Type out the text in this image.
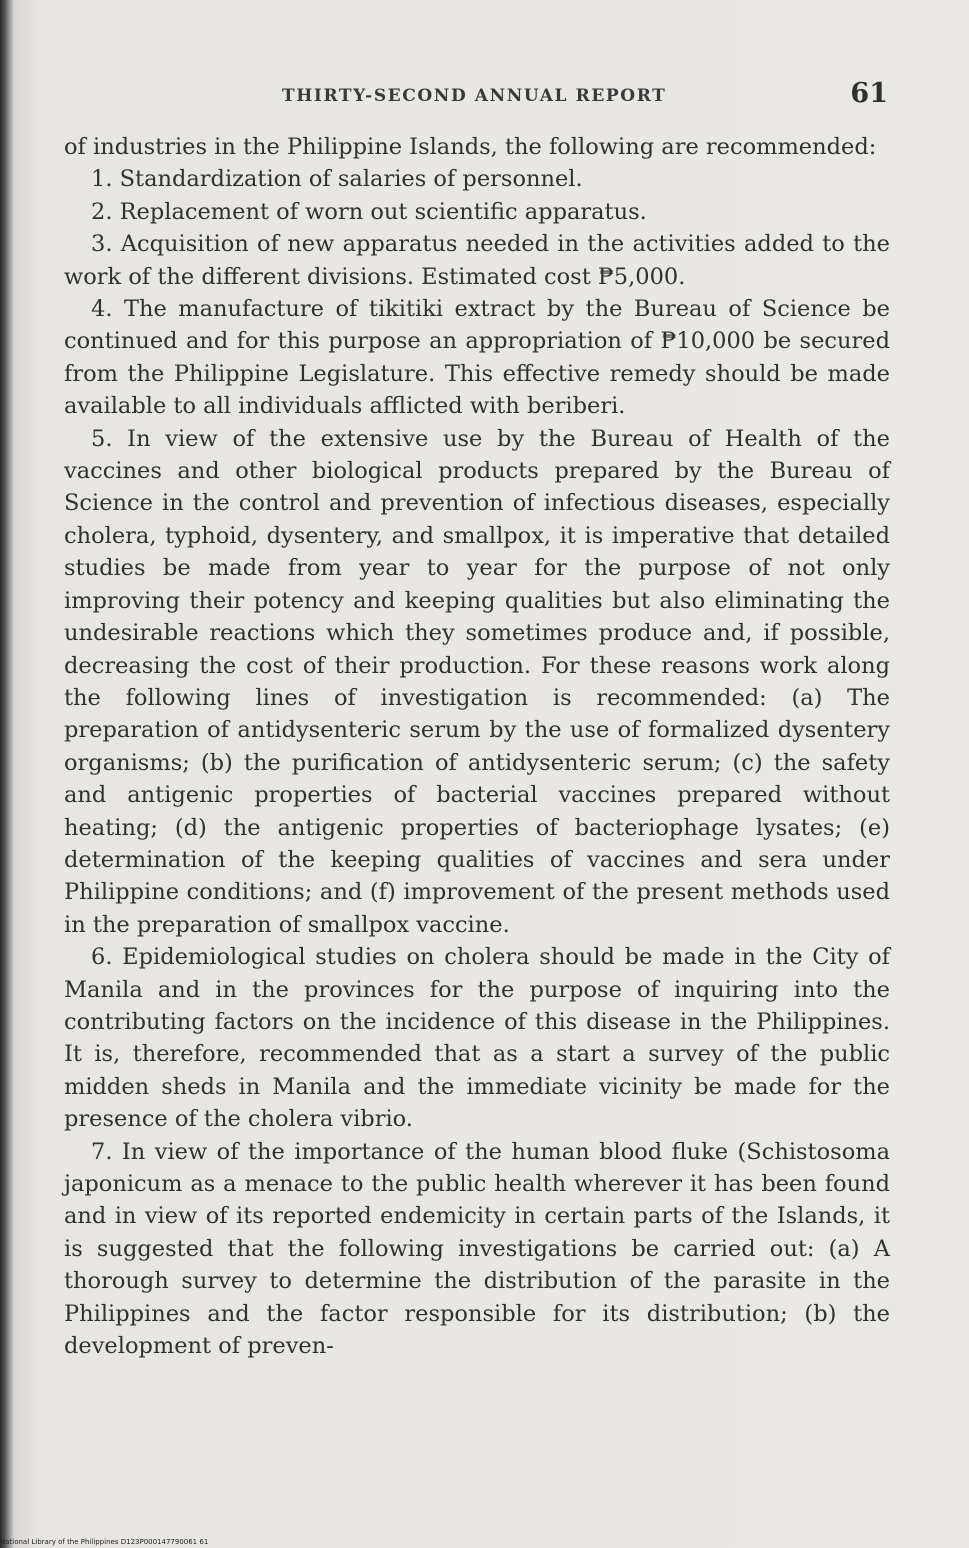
THIRTY-SECOND ANNUAL REPORT	61

of industries in the Philippine Islands, the following are recommended:

1. Standardization of salaries of personnel.

2. Replacement of worn out scientific apparatus.

3. Acquisition of new apparatus needed in the activities added to the work of the different divisions. Estimated cost ₱5,000.

4. The manufacture of tikitiki extract by the Bureau of Science be continued and for this purpose an appropriation of ₱10,000 be secured from the Philippine Legislature. This effective remedy should be made available to all individuals afflicted with beriberi.

5. In view of the extensive use by the Bureau of Health of the vaccines and other biological products prepared by the Bureau of Science in the control and prevention of infectious diseases, especially cholera, typhoid, dysentery, and smallpox, it is imperative that detailed studies be made from year to year for the purpose of not only improving their potency and keeping qualities but also eliminating the undesirable reactions which they sometimes produce and, if possible, decreasing the cost of their production. For these reasons work along the following lines of investigation is recommended: (a) The preparation of antidysenteric serum by the use of formalized dysentery organisms; (b) the purification of antidysenteric serum; (c) the safety and antigenic properties of bacterial vaccines prepared without heating; (d) the antigenic properties of bacteriophage lysates; (e) determination of the keeping qualities of vaccines and sera under Philippine conditions; and (f) improvement of the present methods used in the preparation of smallpox vaccine.

6. Epidemiological studies on cholera should be made in the City of Manila and in the provinces for the purpose of inquiring into the contributing factors on the incidence of this disease in the Philippines. It is, therefore, recommended that as a start a survey of the public midden sheds in Manila and the immediate vicinity be made for the presence of the cholera vibrio.

7. In view of the importance of the human blood fluke (Schistosoma japonicum as a menace to the public health wherever it has been found and in view of its reported endemicity in certain parts of the Islands, it is suggested that the following investigations be carried out: (a) A thorough survey to determine the distribution of the parasite in the Philippines and the factor responsible for its distribution; (b) the development of preven-

National Library of the Philippines D123P000147790061 61
